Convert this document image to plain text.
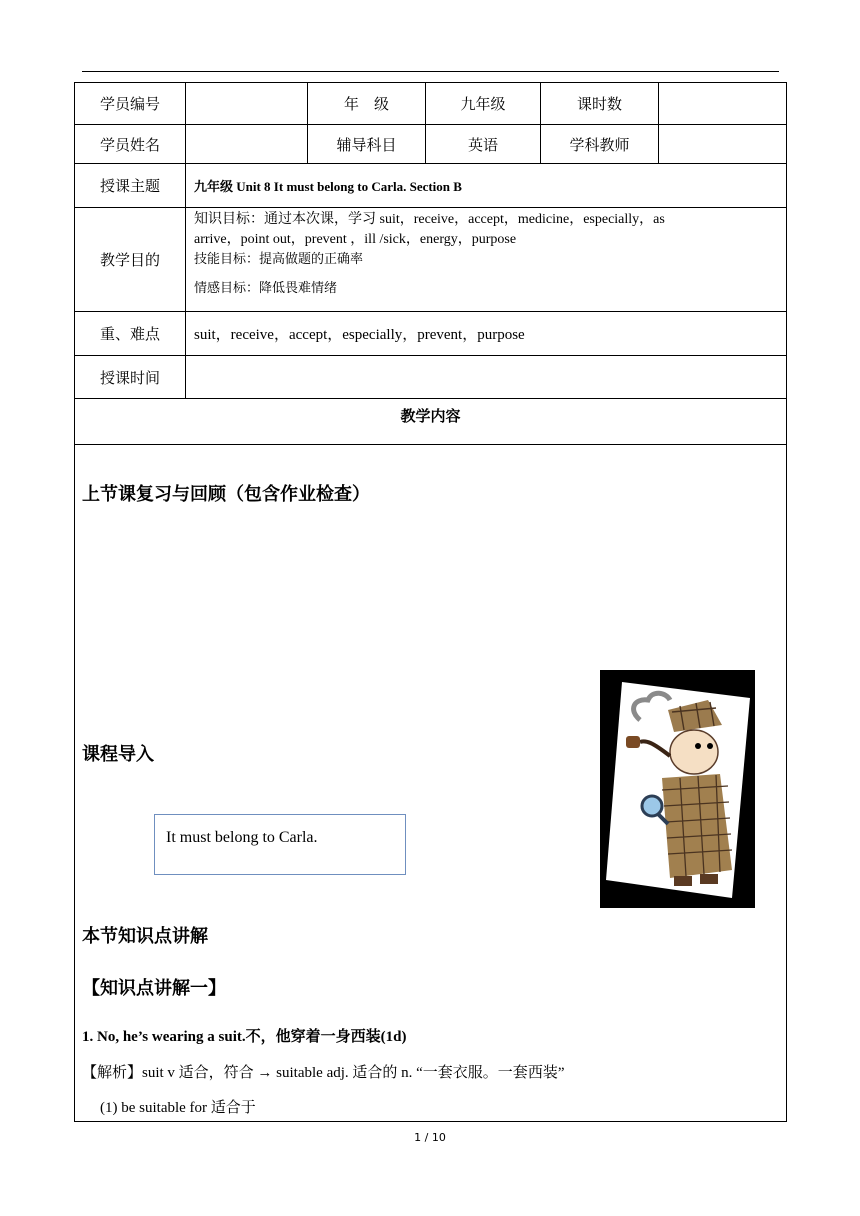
学员编号		年　级	九年级	课时数	
学员姓名		辅导科目	英语	学科教师	
授课主题	九年级 Unit 8 It must belong to Carla. Section B				
教学目的	知识目标：通过本次课，学习 suit，receive，accept，medicine，especially，as
arrive，point out，prevent ，ill /sick，energy，purpose
技能目标：提高做题的正确率
情感目标：降低畏难情绪				

重、难点	suit，receive，accept，especially，prevent，purpose				
授课时间					
教学内容					
上节课复习与回顾（包含作业检查）
课程导入
It must belong to Carla.
本节知识点讲解
【知识点讲解一】
1. No, he’s wearing a suit.不，他穿着一身西装(1d)
【解析】suit v 适合，符合 → suitable adj. 适合的 n. “一套衣服。一套西装”
(1) be suitable for 适合于
1 / 10
